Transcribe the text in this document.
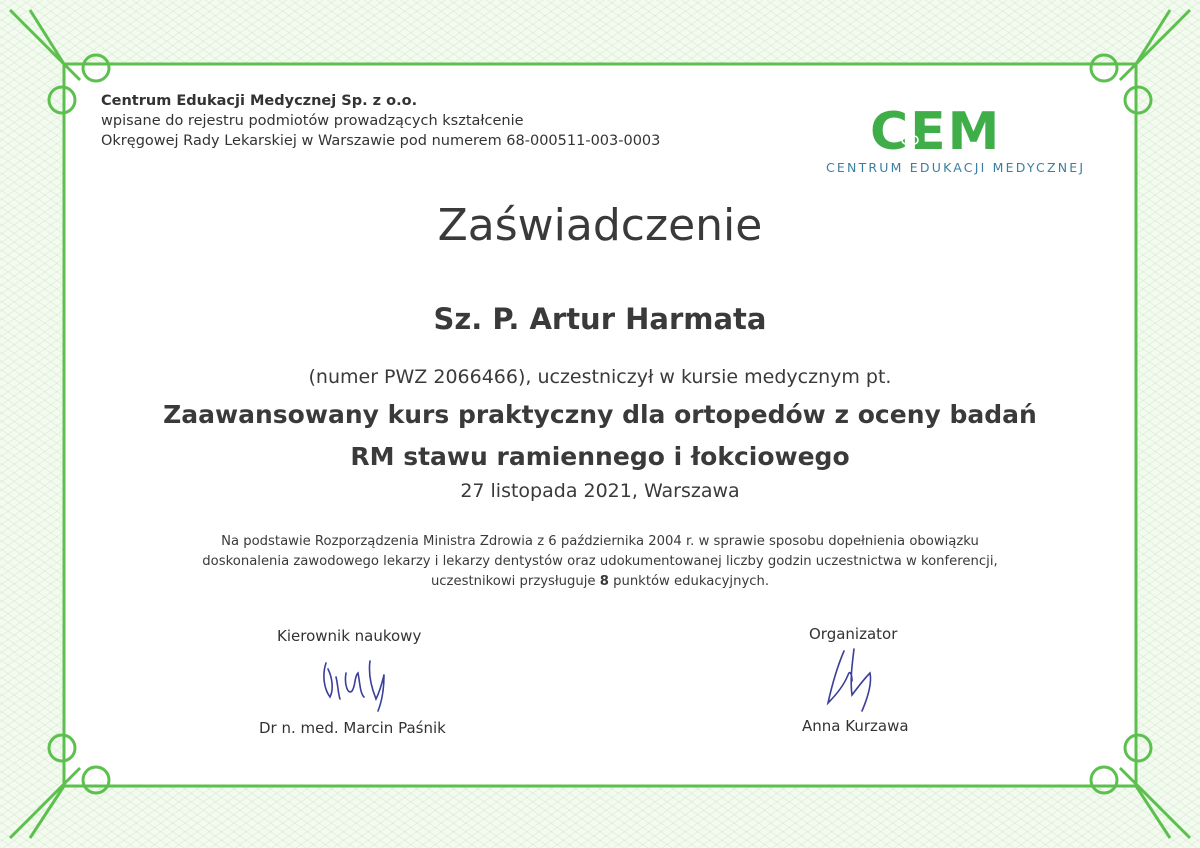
Centrum Edukacji Medycznej Sp. z o.o.
wpisane do rejestru podmiotów prowadzących kształcenie
Okręgowej Rady Lekarskiej w Warszawie pod numerem 68-000511-003-0003	CEM
CENTRUM EDUKACJI MEDYCZNEJ
Zaświadczenie
Sz. P. Artur Harmata
(numer PWZ 2066466), uczestniczył w kursie medycznym pt.
Zaawansowany kurs praktyczny dla ortopedów z oceny badań
RM stawu ramiennego i łokciowego
27 listopada 2021, Warszawa
Na podstawie Rozporządzenia Ministra Zdrowia z 6 października 2004 r. w sprawie sposobu dopełnienia obowiązku
doskonalenia zawodowego lekarzy i lekarzy dentystów oraz udokumentowanej liczby godzin uczestnictwa w konferencji,
uczestnikowi przysługuje 8 punktów edukacyjnych.
Kierownik naukowy
Dr n. med. Marcin Paśnik
Organizator
Anna Kurzawa
